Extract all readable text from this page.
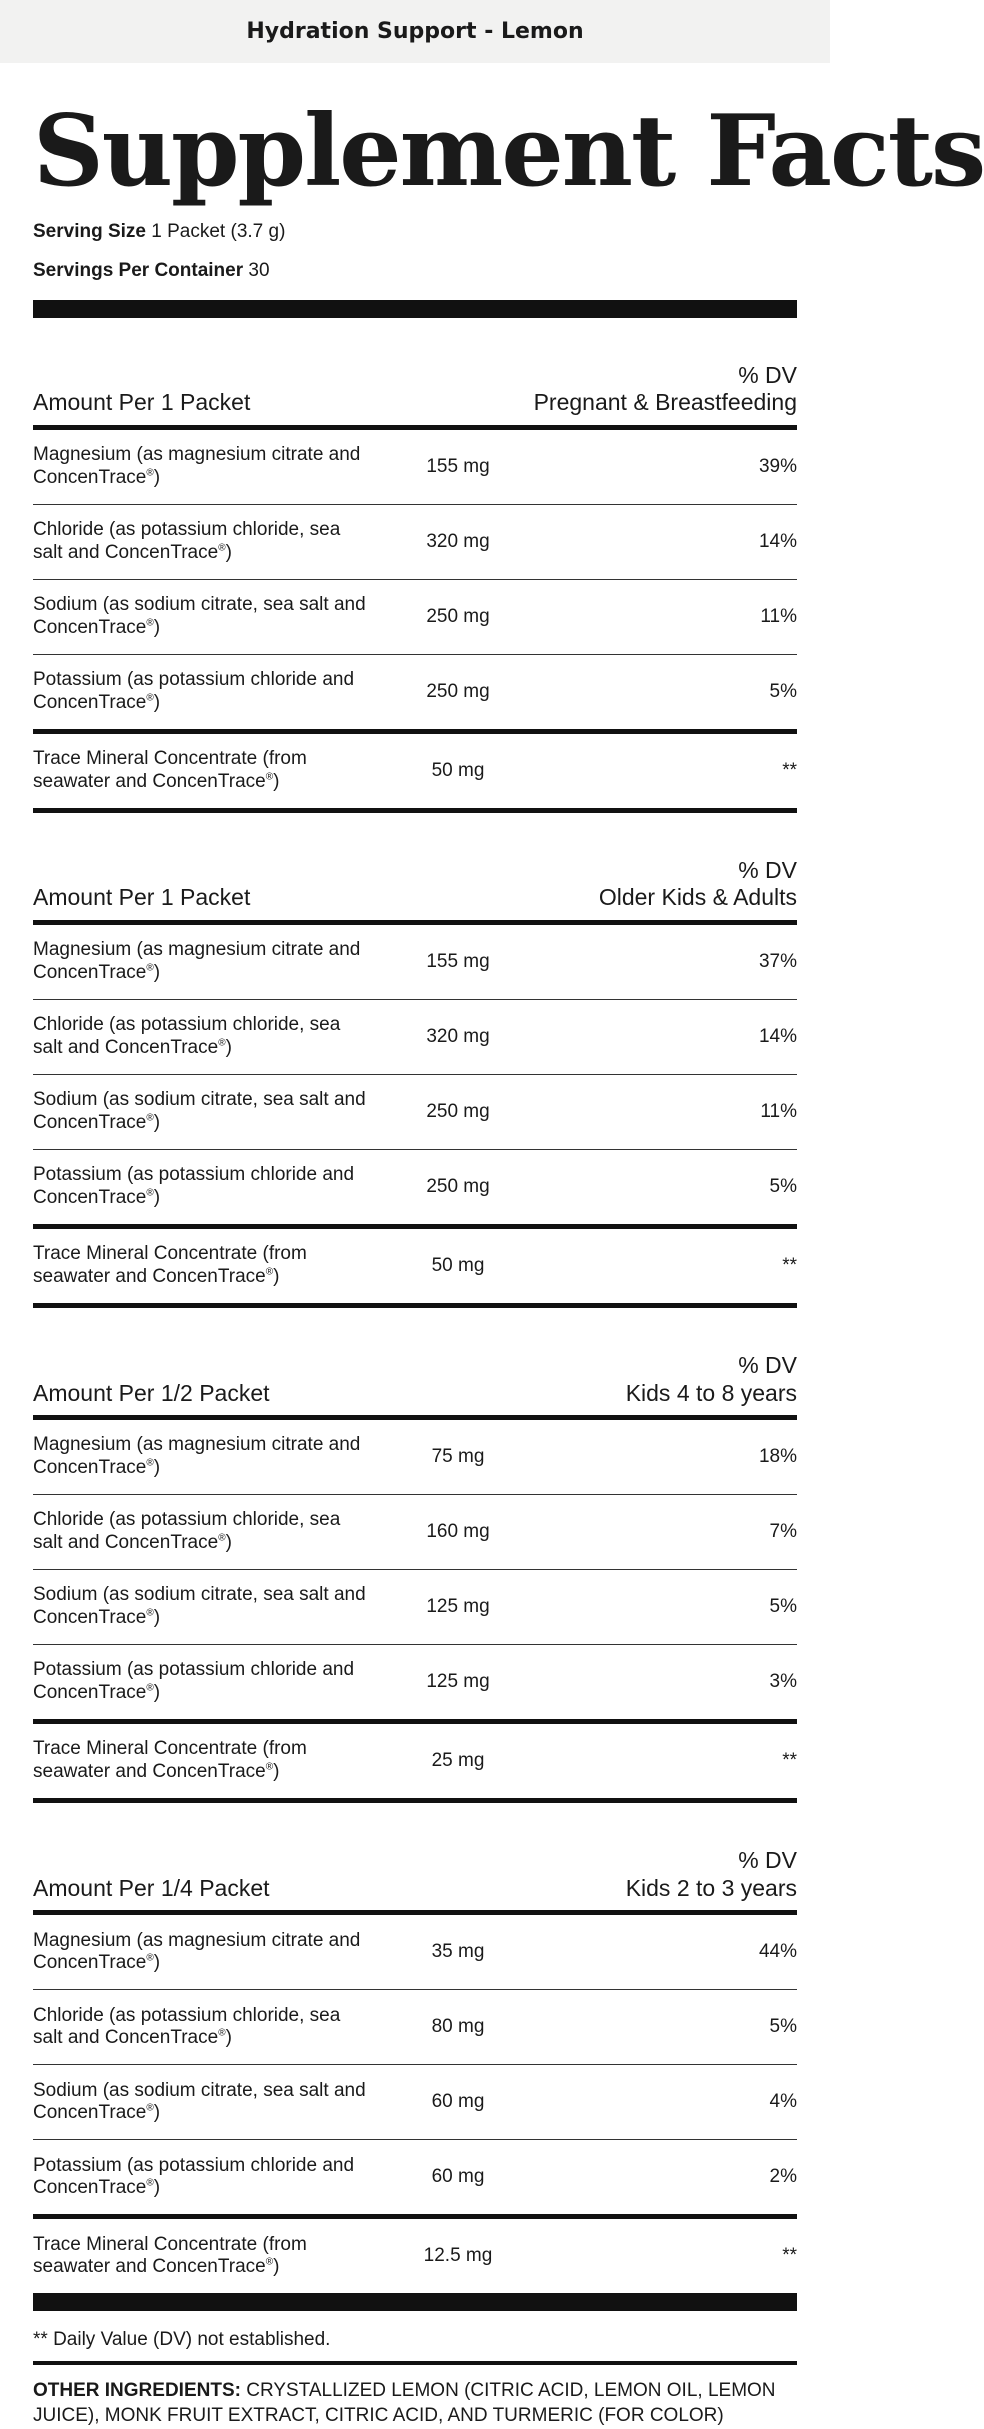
Hydration Support - Lemon
Supplement Facts
Serving Size 1 Packet (3.7 g)
Servings Per Container 30
Amount Per 1 Packet
% DV
Pregnant & Breastfeeding
Magnesium (as magnesium citrate and ConcenTrace®)
155 mg	39%
Chloride (as potassium chloride, sea salt and ConcenTrace®)
320 mg	14%
Sodium (as sodium citrate, sea salt and ConcenTrace®)
250 mg	11%
Potassium (as potassium chloride and ConcenTrace®)
250 mg	5%
Trace Mineral Concentrate (from seawater and ConcenTrace®)
50 mg	**
Amount Per 1 Packet
% DV
Older Kids & Adults
Magnesium (as magnesium citrate and ConcenTrace®)
155 mg	37%
Chloride (as potassium chloride, sea salt and ConcenTrace®)
320 mg	14%
Sodium (as sodium citrate, sea salt and ConcenTrace®)
250 mg	11%
Potassium (as potassium chloride and ConcenTrace®)
250 mg	5%
Trace Mineral Concentrate (from seawater and ConcenTrace®)
50 mg	**
Amount Per 1/2 Packet
% DV
Kids 4 to 8 years
Magnesium (as magnesium citrate and ConcenTrace®)
75 mg	18%
Chloride (as potassium chloride, sea salt and ConcenTrace®)
160 mg	7%
Sodium (as sodium citrate, sea salt and ConcenTrace®)
125 mg	5%
Potassium (as potassium chloride and ConcenTrace®)
125 mg	3%
Trace Mineral Concentrate (from seawater and ConcenTrace®)
25 mg	**
Amount Per 1/4 Packet
% DV
Kids 2 to 3 years
Magnesium (as magnesium citrate and ConcenTrace®)
35 mg	44%
Chloride (as potassium chloride, sea salt and ConcenTrace®)
80 mg	5%
Sodium (as sodium citrate, sea salt and ConcenTrace®)
60 mg	4%
Potassium (as potassium chloride and ConcenTrace®)
60 mg	2%
Trace Mineral Concentrate (from seawater and ConcenTrace®)
12.5 mg	**
** Daily Value (DV) not established.
OTHER INGREDIENTS: CRYSTALLIZED LEMON (CITRIC ACID, LEMON OIL, LEMON JUICE), MONK FRUIT EXTRACT, CITRIC ACID, AND TURMERIC (FOR COLOR)
